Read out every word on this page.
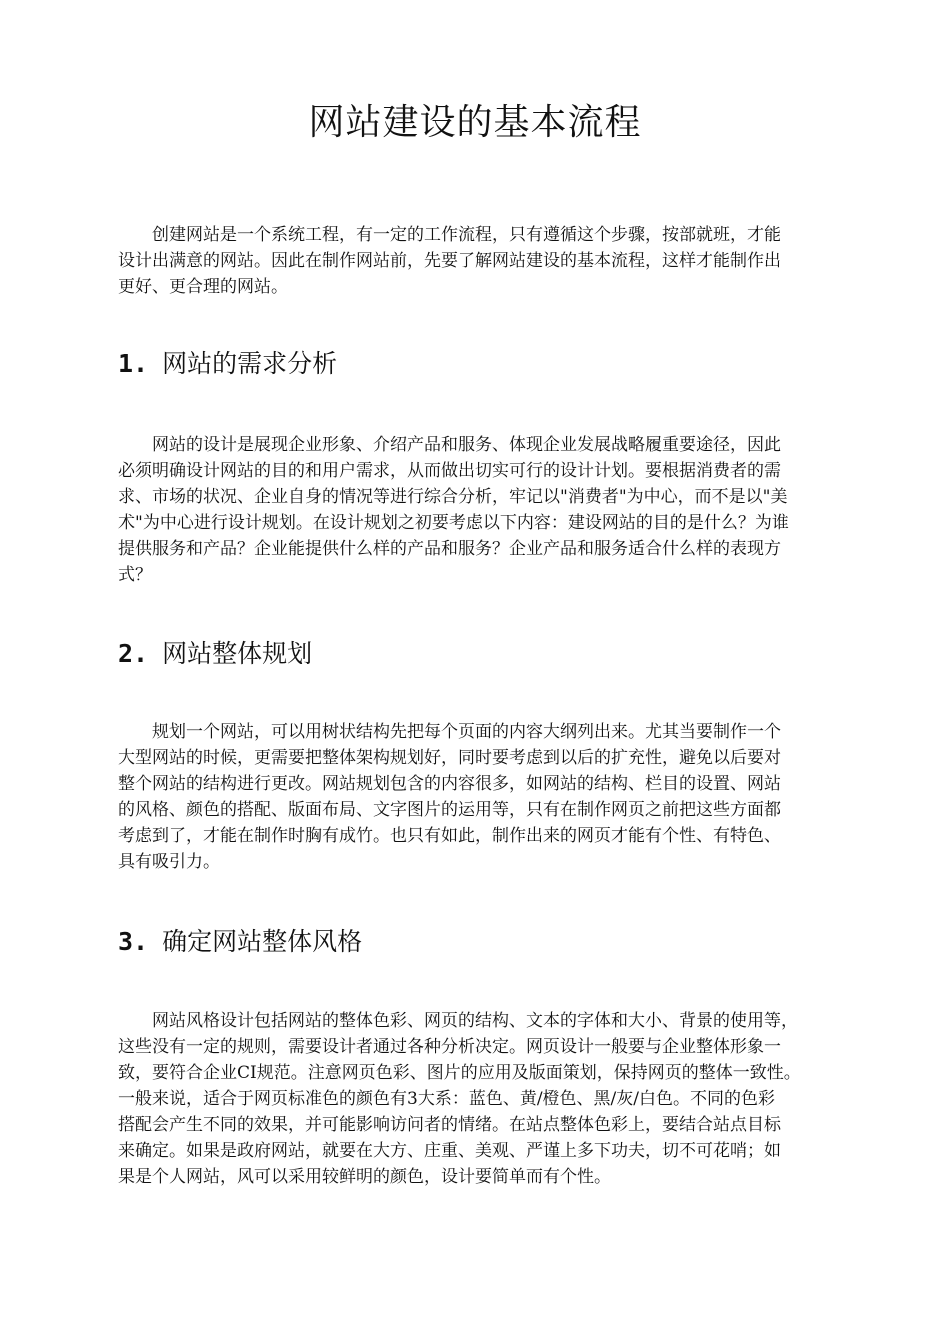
网站建设的基本流程

　　创建网站是一个系统工程，有一定的工作流程，只有遵循这个步骤，按部就班，才能
设计出满意的网站。因此在制作网站前，先要了解网站建设的基本流程，这样才能制作出
更好、更合理的网站。

1. 网站的需求分析

　　网站的设计是展现企业形象、介绍产品和服务、体现企业发展战略履重要途径，因此
必须明确设计网站的目的和用户需求，从而做出切实可行的设计计划。要根据消费者的需
求、市场的状况、企业自身的情况等进行综合分析，牢记以"消费者"为中心，而不是以"美
术"为中心进行设计规划。在设计规划之初要考虑以下内容：建设网站的目的是什么？为谁
提供服务和产品？企业能提供什么样的产品和服务？企业产品和服务适合什么样的表现方
式？

2. 网站整体规划

　　规划一个网站，可以用树状结构先把每个页面的内容大纲列出来。尤其当要制作一个
大型网站的时候，更需要把整体架构规划好，同时要考虑到以后的扩充性，避免以后要对
整个网站的结构进行更改。网站规划包含的内容很多，如网站的结构、栏目的设置、网站
的风格、颜色的搭配、版面布局、文字图片的运用等，只有在制作网页之前把这些方面都
考虑到了，才能在制作时胸有成竹。也只有如此，制作出来的网页才能有个性、有特色、
具有吸引力。

3. 确定网站整体风格

　　网站风格设计包括网站的整体色彩、网页的结构、文本的字体和大小、背景的使用等，
这些没有一定的规则，需要设计者通过各种分析决定。网页设计一般要与企业整体形象一
致，要符合企业CI规范。注意网页色彩、图片的应用及版面策划，保持网页的整体一致性。
一般来说，适合于网页标准色的颜色有3大系：蓝色、黄/橙色、黑/灰/白色。不同的色彩
搭配会产生不同的效果，并可能影响访问者的情绪。在站点整体色彩上，要结合站点目标
来确定。如果是政府网站，就要在大方、庄重、美观、严谨上多下功夫，切不可花哨；如
果是个人网站，风可以采用较鲜明的颜色，设计要简单而有个性。
